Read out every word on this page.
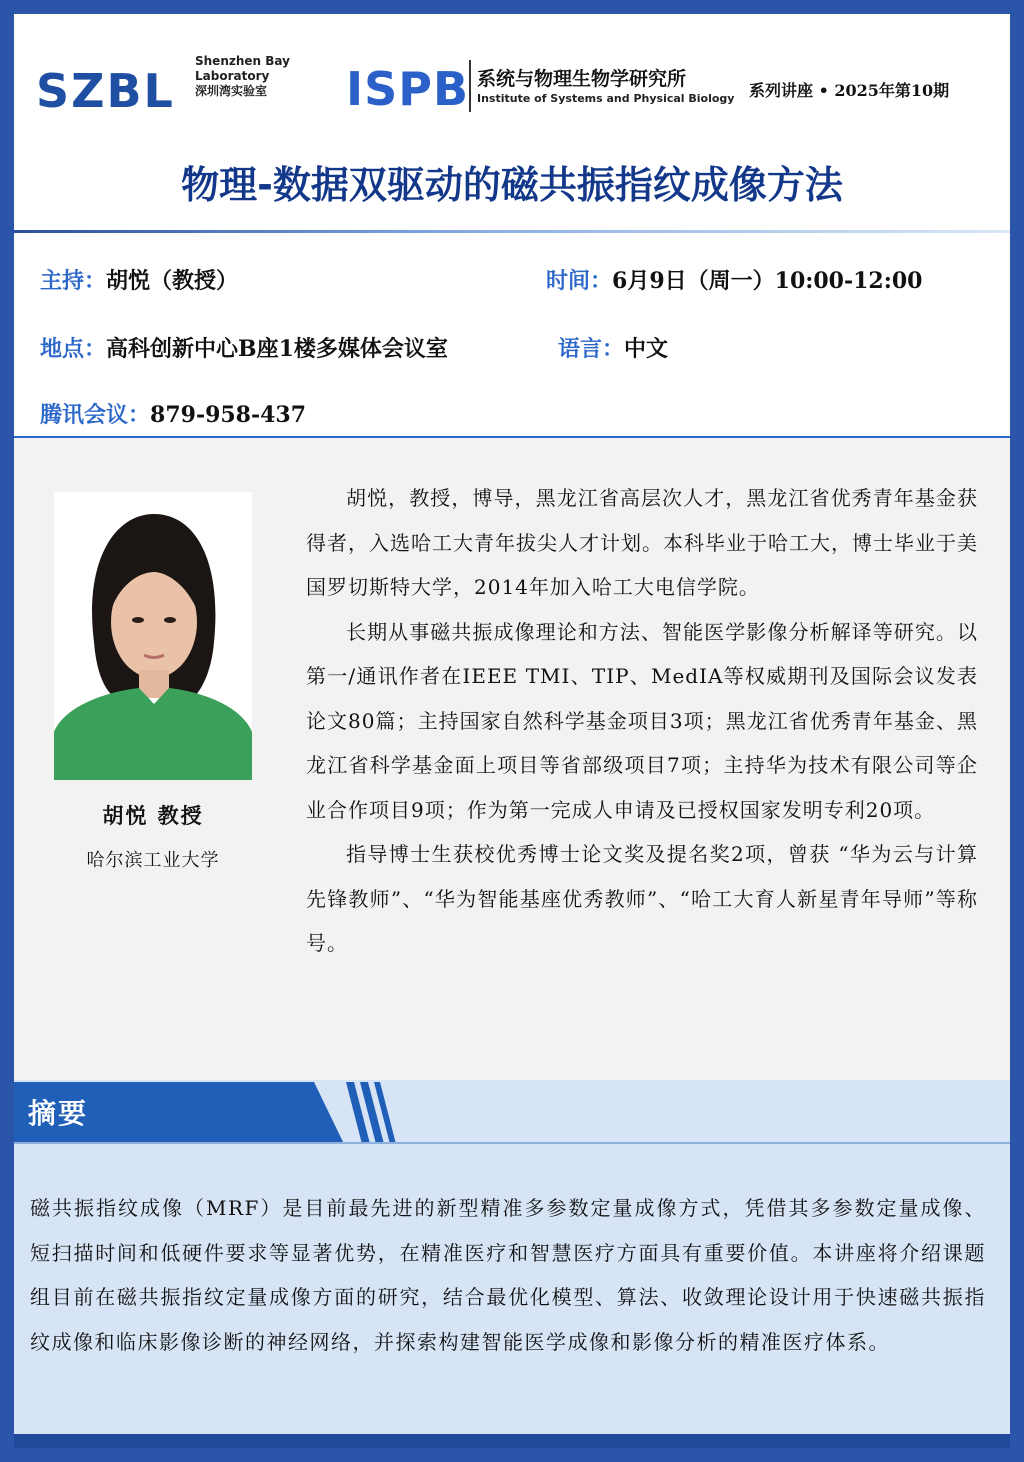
SZBL
Shenzhen Bay
Laboratory
深圳湾实验室	ISPB 系统与物理生物学研究所
Institute of Systems and Physical Biology 系列讲座 • 2025年第10期
物理-数据双驱动的磁共振指纹成像方法
主持：胡悦（教授）	时间：6月9日（周一）10:00-12:00
地点：高科创新中心B座1楼多媒体会议室	语言：中文
腾讯会议：879-958-437
胡悦 教授
哈尔滨工业大学

胡悦，教授，博导，黑龙江省高层次人才，黑龙江省优秀青年基金获得者，入选哈工大青年拔尖人才计划。本科毕业于哈工大，博士毕业于美国罗切斯特大学，2014年加入哈工大电信学院。

长期从事磁共振成像理论和方法、智能医学影像分析解译等研究。以第一/通讯作者在IEEE TMI、TIP、MedIA等权威期刊及国际会议发表论文80篇；主持国家自然科学基金项目3项；黑龙江省优秀青年基金、黑龙江省科学基金面上项目等省部级项目7项；主持华为技术有限公司等企业合作项目9项；作为第一完成人申请及已授权国家发明专利20项。

指导博士生获校优秀博士论文奖及提名奖2项，曾获 “华为云与计算先锋教师”、“华为智能基座优秀教师”、“哈工大育人新星青年导师”等称号。

摘要

磁共振指纹成像（MRF）是目前最先进的新型精准多参数定量成像方式，凭借其多参数定量成像、短扫描时间和低硬件要求等显著优势，在精准医疗和智慧医疗方面具有重要价值。本讲座将介绍课题组目前在磁共振指纹定量成像方面的研究，结合最优化模型、算法、收敛理论设计用于快速磁共振指纹成像和临床影像诊断的神经网络，并探索构建智能医学成像和影像分析的精准医疗体系。
